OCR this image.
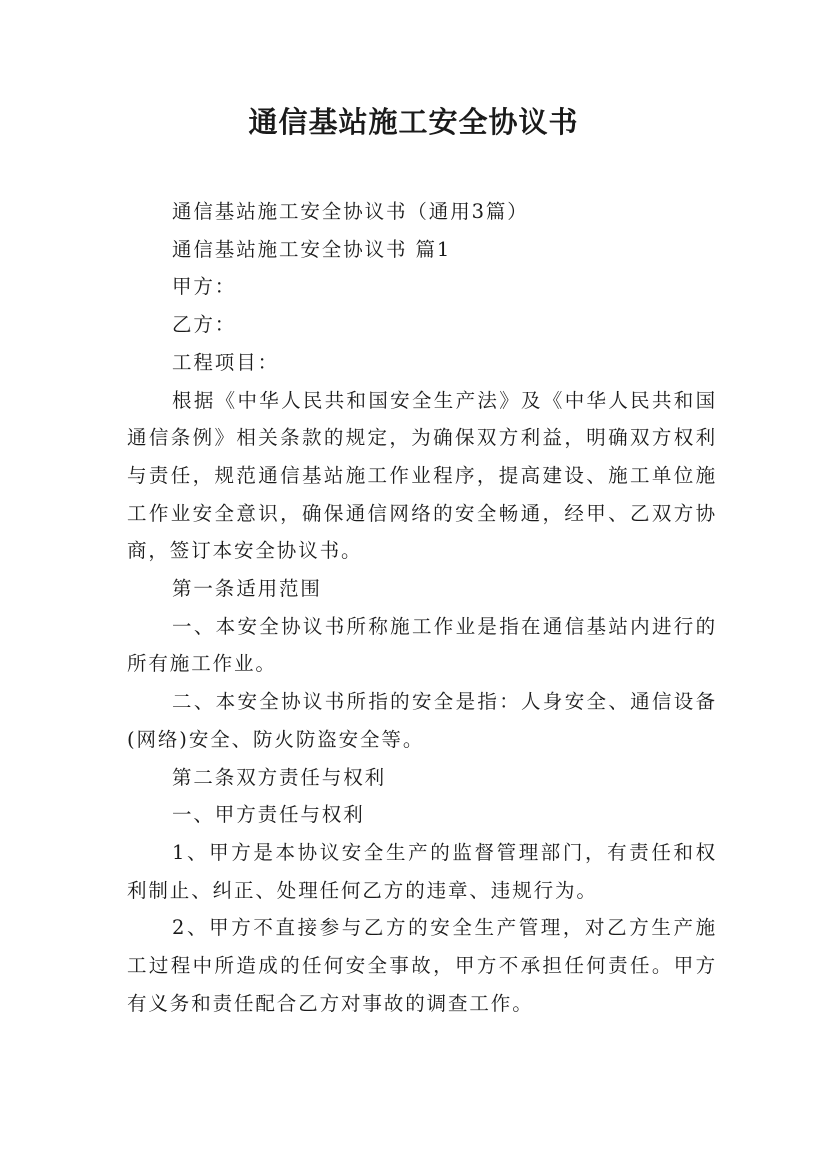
通信基站施工安全协议书

通信基站施工安全协议书（通用3篇）

通信基站施工安全协议书 篇1

甲方：

乙方：

工程项目：

根据《中华人民共和国安全生产法》及《中华人民共和国通信条例》相关条款的规定，为确保双方利益，明确双方权利与责任，规范通信基站施工作业程序，提高建设、施工单位施工作业安全意识，确保通信网络的安全畅通，经甲、乙双方协商，签订本安全协议书。

第一条适用范围

一、本安全协议书所称施工作业是指在通信基站内进行的所有施工作业。

二、本安全协议书所指的安全是指：人身安全、通信设备(网络)安全、防火防盗安全等。

第二条双方责任与权利

一、甲方责任与权利

1、甲方是本协议安全生产的监督管理部门，有责任和权利制止、纠正、处理任何乙方的违章、违规行为。

2、甲方不直接参与乙方的安全生产管理，对乙方生产施工过程中所造成的任何安全事故，甲方不承担任何责任。甲方有义务和责任配合乙方对事故的调查工作。
